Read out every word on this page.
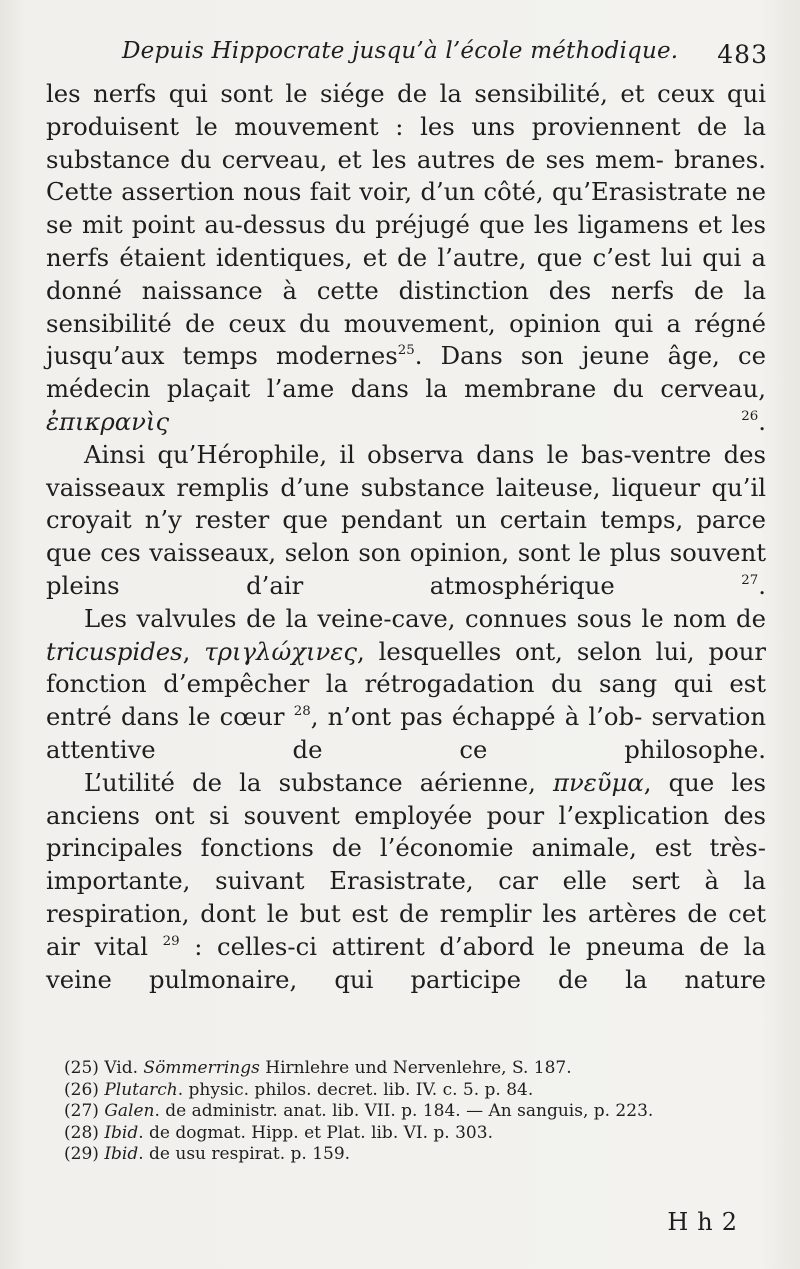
Depuis Hippocrate jusqu’à l’école méthodique.	483

les nerfs qui sont le siége de la sensibilité, et ceux qui produisent le mouvement : les uns proviennent de la substance du cerveau, et les autres de ses mem- branes. Cette assertion nous fait voir, d’un côté, qu’Erasistrate ne se mit point au-dessus du préjugé que les ligamens et les nerfs étaient identiques, et de l’autre, que c’est lui qui a donné naissance à cette distinction des nerfs de la sensibilité de ceux du mouvement, opinion qui a régné jusqu’aux temps modernes$^{25}$. Dans son jeune âge, ce médecin plaçait l’ame dans la membrane du cerveau, ἐπικρανὶς	$^{26}$.

Ainsi qu’Hérophile, il observa dans le bas-ventre des vaisseaux remplis d’une substance laiteuse, liqueur qu’il croyait n’y rester que pendant un certain temps, parce que ces vaisseaux, selon son opinion, sont le plus souvent pleins d’air atmosphérique	$^{27}$.

Les valvules de la veine-cave, connues sous le nom de tricuspides, τριγλώχινες, lesquelles ont, selon lui, pour fonction d’empêcher la rétrogadation du sang qui est entré dans le cœur $^{28}$, n’ont pas échappé à l’ob- servation attentive de ce philosophe.

L’utilité de la substance aérienne, πνεῦμα, que les anciens ont si souvent employée pour l’explication des principales fonctions de l’économie animale, est très-importante, suivant Erasistrate, car elle sert à la respiration, dont le but est de remplir les artères de cet air vital $^{29}$ : celles-ci attirent d’abord le pneuma de la veine pulmonaire, qui participe de la nature

(25) Vid. Sömmerrings Hirnlehre und Nervenlehre, S. 187.

(26) Plutarch. physic. philos. decret. lib. IV. c. 5. p. 84.

(27) Galen. de administr. anat. lib. VII. p. 184. — An sanguis, p. 223.

(28) Ibid. de dogmat. Hipp. et Plat. lib. VI. p. 303.

(29) Ibid. de usu respirat. p. 159.

Hh2
